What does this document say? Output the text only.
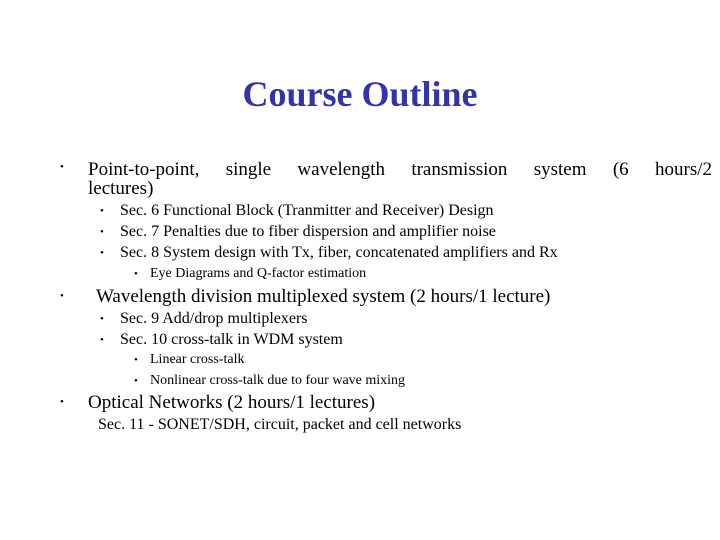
Course Outline
• Point-to-point, single wavelength transmission system (6 hours/2
lectures)
• Sec. 6 Functional Block (Tranmitter and Receiver) Design
• Sec. 7 Penalties due to fiber dispersion and amplifier noise
• Sec. 8 System design with Tx, fiber, concatenated amplifiers and Rx
• Eye Diagrams and Q-factor estimation
• Wavelength division multiplexed system (2 hours/1 lecture)
• Sec. 9 Add/drop multiplexers
• Sec. 10 cross-talk in WDM system
• Linear cross-talk
• Nonlinear cross-talk due to four wave mixing
• Optical Networks (2 hours/1 lectures)
Sec. 11 - SONET/SDH, circuit, packet and cell networks
